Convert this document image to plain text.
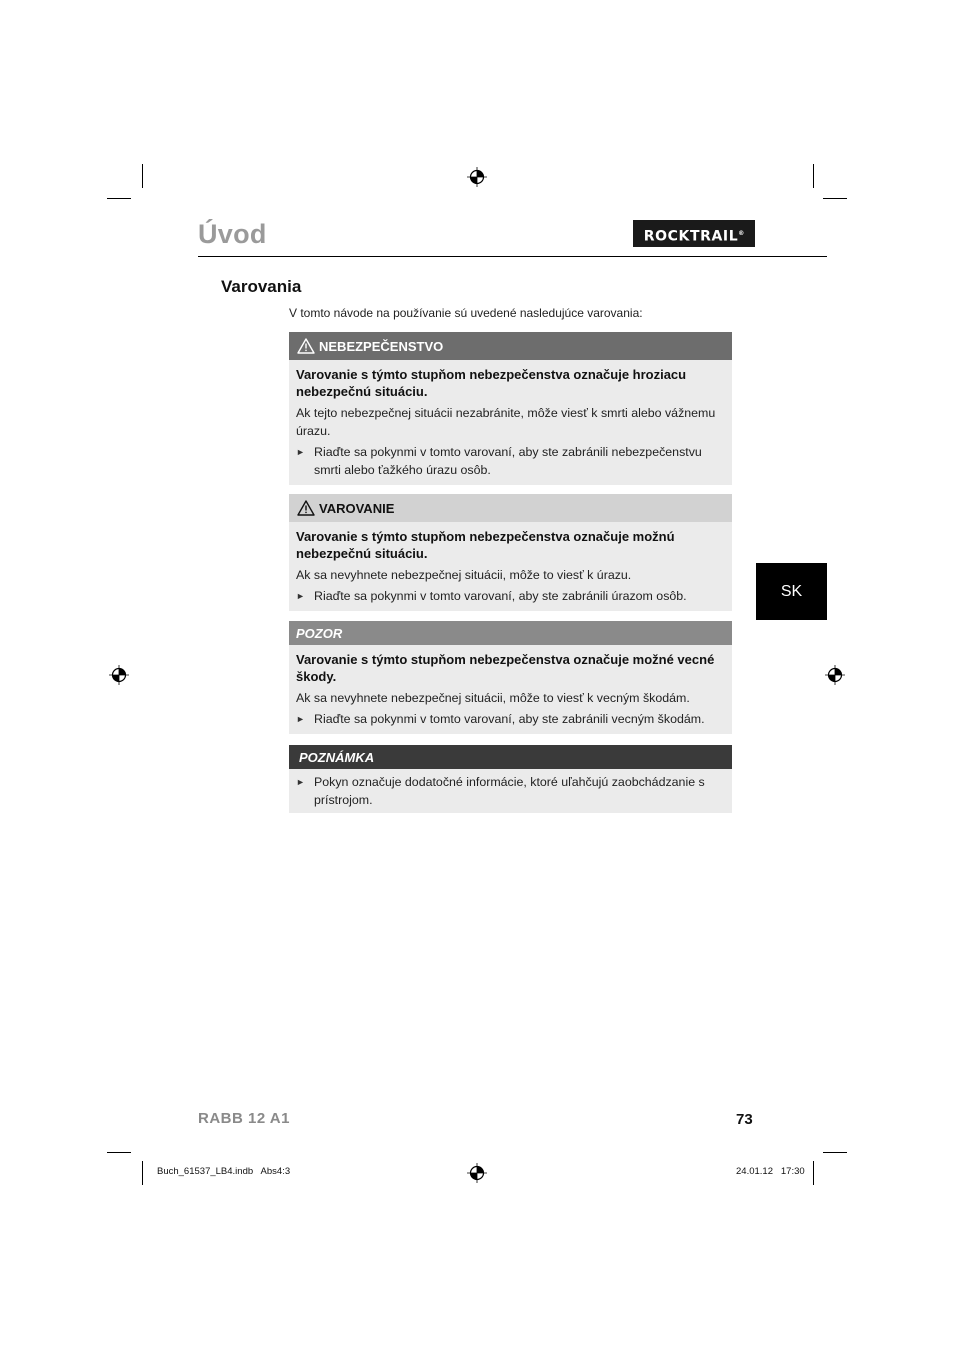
Úvod	ROCKTRAIL®
Varovania
V tomto návode na používanie sú uvedené nasledujúce varovania:
NEBEZPEČENSTVO
Varovanie s týmto stupňom nebezpečenstva označuje hroziacu nebezpečnú situáciu.
Ak tejto nebezpečnej situácii nezabránite, môže viesť k smrti alebo vážnemu úrazu.
► Riaďte sa pokynmi v tomto varovaní, aby ste zabránili nebezpečenstvu smrti alebo ťažkého úrazu osôb.
VAROVANIE
Varovanie s týmto stupňom nebezpečenstva označuje možnú nebezpečnú situáciu.
Ak sa nevyhnete nebezpečnej situácii, môže to viesť k úrazu.
► Riaďte sa pokynmi v tomto varovaní, aby ste zabránili úrazom osôb.
POZOR
Varovanie s týmto stupňom nebezpečenstva označuje možné vecné škody.
Ak sa nevyhnete nebezpečnej situácii, môže to viesť k vecným škodám.
► Riaďte sa pokynmi v tomto varovaní, aby ste zabránili vecným škodám.
POZNÁMKA
► Pokyn označuje dodatočné informácie, ktoré uľahčujú zaobchádzanie s prístrojom.
SK
RABB 12 A1	73
Buch_61537_LB4.indb   Abs4:3	24.01.12   17:30
